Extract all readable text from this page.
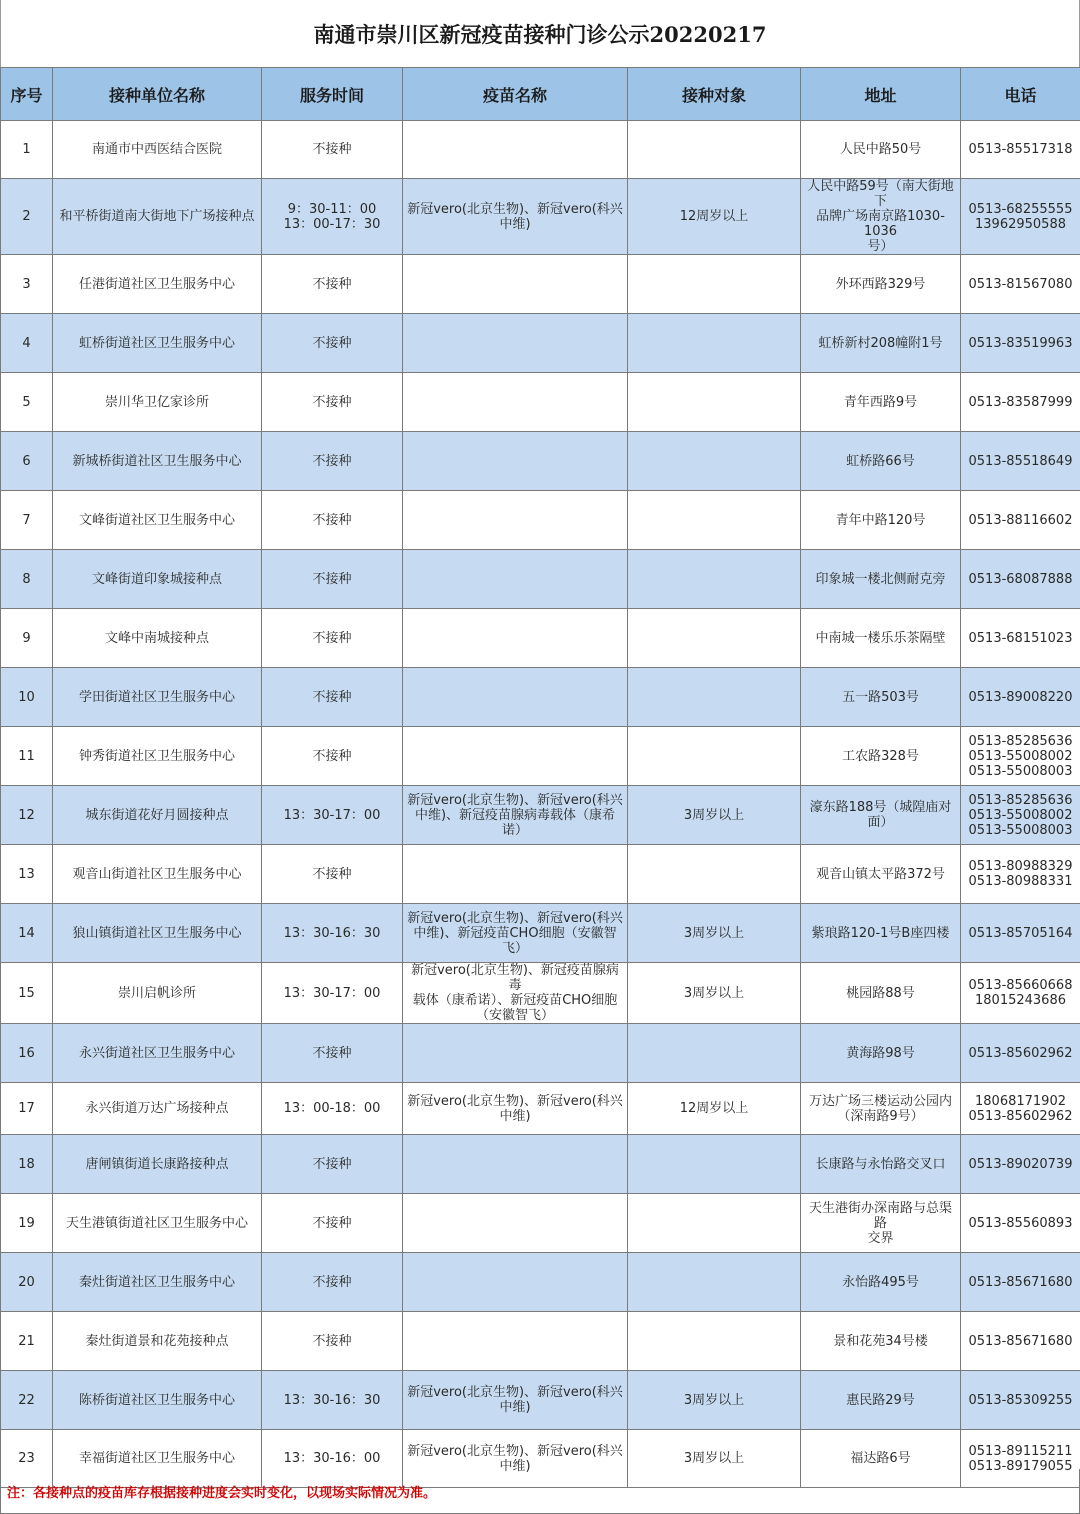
南通市崇川区新冠疫苗接种门诊公示20220217
序号	接种单位名称	服务时间	疫苗名称	接种对象	地址	电话
1	南通市中西医结合医院	不接种			人民中路50号	0513-85517318

2	和平桥街道南大街地下广场接种点	9：30-11：00
13：00-17：30	新冠vero(北京生物)、新冠vero(科兴
中维)	12周岁以上	人民中路59号（南大街地下
品牌广场南京路1030-1036
号）	0513-68255555
13962950588

3	任港街道社区卫生服务中心	不接种			外环西路329号	0513-81567080

4	虹桥街道社区卫生服务中心	不接种			虹桥新村208幢附1号	0513-83519963

5	崇川华卫亿家诊所	不接种			青年西路9号	0513-83587999

6	新城桥街道社区卫生服务中心	不接种			虹桥路66号	0513-85518649

7	文峰街道社区卫生服务中心	不接种			青年中路120号	0513-88116602

8	文峰街道印象城接种点	不接种			印象城一楼北侧耐克旁	0513-68087888

9	文峰中南城接种点	不接种			中南城一楼乐乐茶隔壁	0513-68151023

10	学田街道社区卫生服务中心	不接种			五一路503号	0513-89008220

11	钟秀街道社区卫生服务中心	不接种			工农路328号	0513-85285636
0513-55008002
0513-55008003

12	城东街道花好月圆接种点	13：30-17：00	新冠vero(北京生物)、新冠vero(科兴
中维)、新冠疫苗腺病毒载体（康希
诺）	3周岁以上	濠东路188号（城隍庙对
面）	0513-85285636
0513-55008002
0513-55008003

13	观音山街道社区卫生服务中心	不接种			观音山镇太平路372号	0513-80988329
0513-80988331

14	狼山镇街道社区卫生服务中心	13：30-16：30	新冠vero(北京生物)、新冠vero(科兴
中维)、新冠疫苗CHO细胞（安徽智飞）	3周岁以上	紫琅路120-1号B座四楼	0513-85705164

15	崇川启帆诊所	13：30-17：00	新冠vero(北京生物)、新冠疫苗腺病毒
载体（康希诺）、新冠疫苗CHO细胞
（安徽智飞）	3周岁以上	桃园路88号	0513-85660668
18015243686

16	永兴街道社区卫生服务中心	不接种			黄海路98号	0513-85602962

17	永兴街道万达广场接种点	13：00-18：00	新冠vero(北京生物)、新冠vero(科兴
中维)	12周岁以上	万达广场三楼运动公园内
（深南路9号）	18068171902
0513-85602962

18	唐闸镇街道长康路接种点	不接种			长康路与永怡路交叉口	0513-89020739

19	天生港镇街道社区卫生服务中心	不接种			天生港街办深南路与总渠路
交界	0513-85560893

20	秦灶街道社区卫生服务中心	不接种			永怡路495号	0513-85671680

21	秦灶街道景和花苑接种点	不接种			景和花苑34号楼	0513-85671680

22	陈桥街道社区卫生服务中心	13：30-16：30	新冠vero(北京生物)、新冠vero(科兴
中维)	3周岁以上	惠民路29号	0513-85309255

23	幸福街道社区卫生服务中心	13：30-16：00	新冠vero(北京生物)、新冠vero(科兴
中维)	3周岁以上	福达路6号	0513-89115211
0513-89179055
注：各接种点的疫苗库存根据接种进度会实时变化，以现场实际情况为准。
